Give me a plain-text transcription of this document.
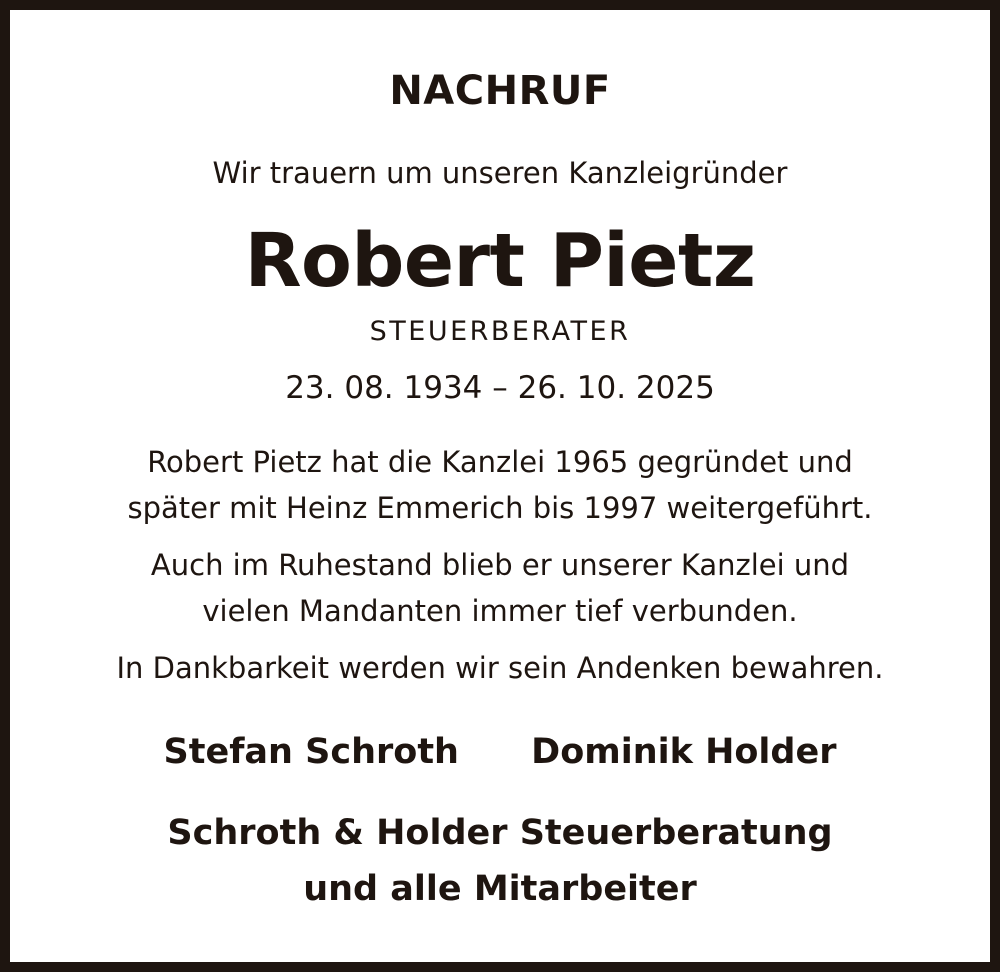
NACHRUF
Wir trauern um unseren Kanzleigründer
Robert Pietz
STEUERBERATER
23. 08. 1934 – 26. 10. 2025
Robert Pietz hat die Kanzlei 1965 gegründet und
später mit Heinz Emmerich bis 1997 weitergeführt.
Auch im Ruhestand blieb er unserer Kanzlei und
vielen Mandanten immer tief verbunden.
In Dankbarkeit werden wir sein Andenken bewahren.
Stefan Schroth Dominik Holder
Schroth & Holder Steuerberatung
und alle Mitarbeiter
